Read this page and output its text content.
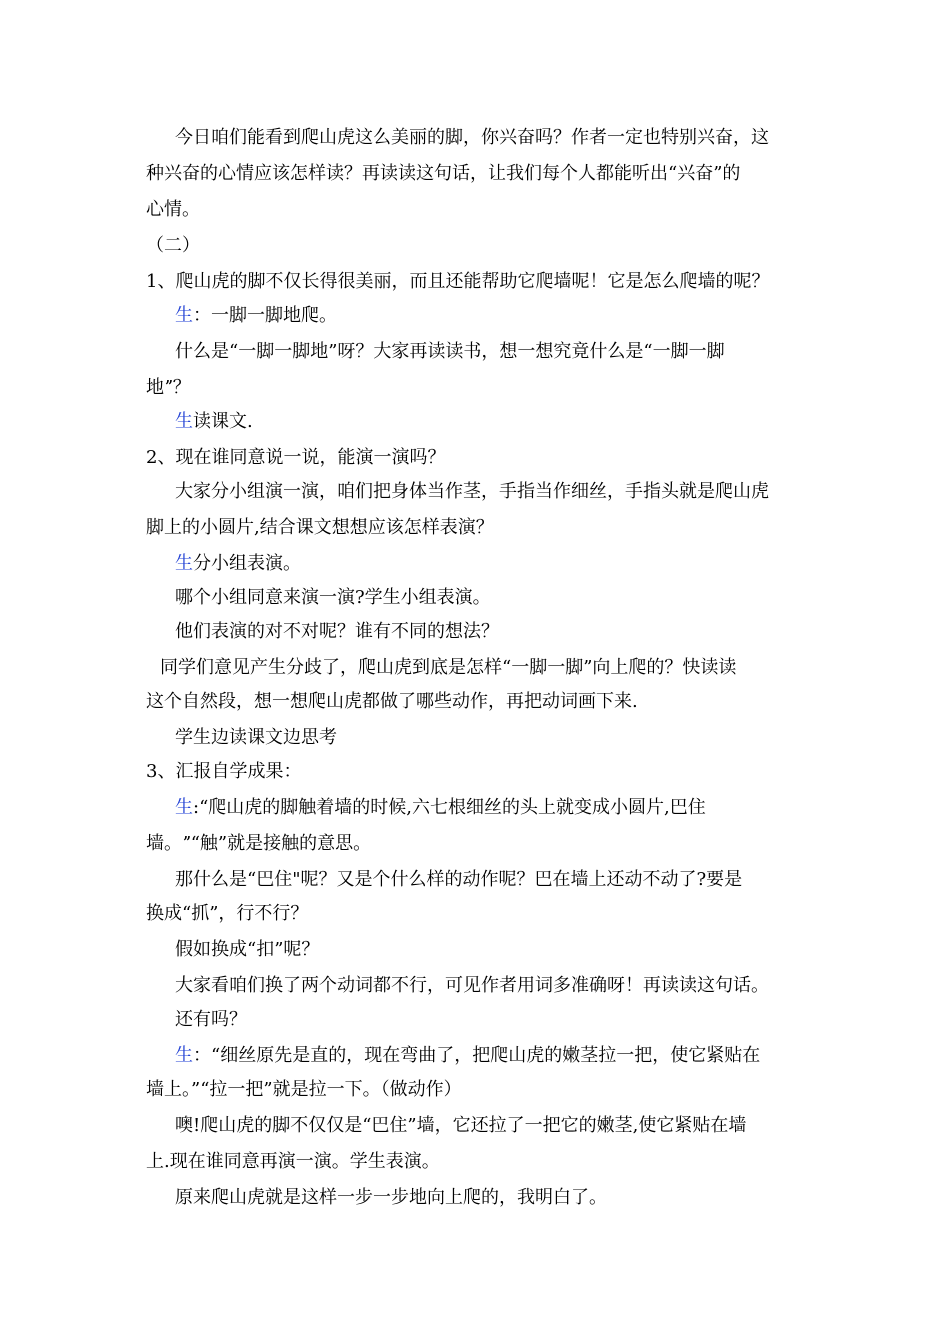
今日咱们能看到爬山虎这么美丽的脚，你兴奋吗？作者一定也特别兴奋，这
种兴奋的心情应该怎样读？再读读这句话，让我们每个人都能听出“兴奋”的
心情。
（二）
1、爬山虎的脚不仅长得很美丽，而且还能帮助它爬墙呢！它是怎么爬墙的呢？
生：一脚一脚地爬。
什么是“一脚一脚地”呀？大家再读读书，想一想究竟什么是“一脚一脚
地ˮ？
生读课文.
2、现在谁同意说一说，能演一演吗？
大家分小组演一演，咱们把身体当作茎，手指当作细丝，手指头就是爬山虎
脚上的小圆片,结合课文想想应该怎样表演？
生分小组表演。
哪个小组同意来演一演?学生小组表演。
他们表演的对不对呢？谁有不同的想法？
同学们意见产生分歧了，爬山虎到底是怎样“一脚一脚”向上爬的？快读读
这个自然段，想一想爬山虎都做了哪些动作，再把动词画下来.
学生边读课文边思考
3、汇报自学成果：
生:“爬山虎的脚触着墙的时候,六七根细丝的头上就变成小圆片,巴住
墙。ˮ“触”就是接触的意思。
那什么是“巴住"呢？又是个什么样的动作呢？巴在墙上还动不动了?要是
换成“抓”，行不行？
假如换成“扣”呢？
大家看咱们换了两个动词都不行，可见作者用词多准确呀！再读读这句话。
还有吗？
生：“细丝原先是直的，现在弯曲了，把爬山虎的嫩茎拉一把，使它紧贴在
墙上。”“拉一把”就是拉一下。（做动作）
噢!爬山虎的脚不仅仅是“巴住”墙，它还拉了一把它的嫩茎,使它紧贴在墙
上.现在谁同意再演一演。学生表演。
原来爬山虎就是这样一步一步地向上爬的，我明白了。
